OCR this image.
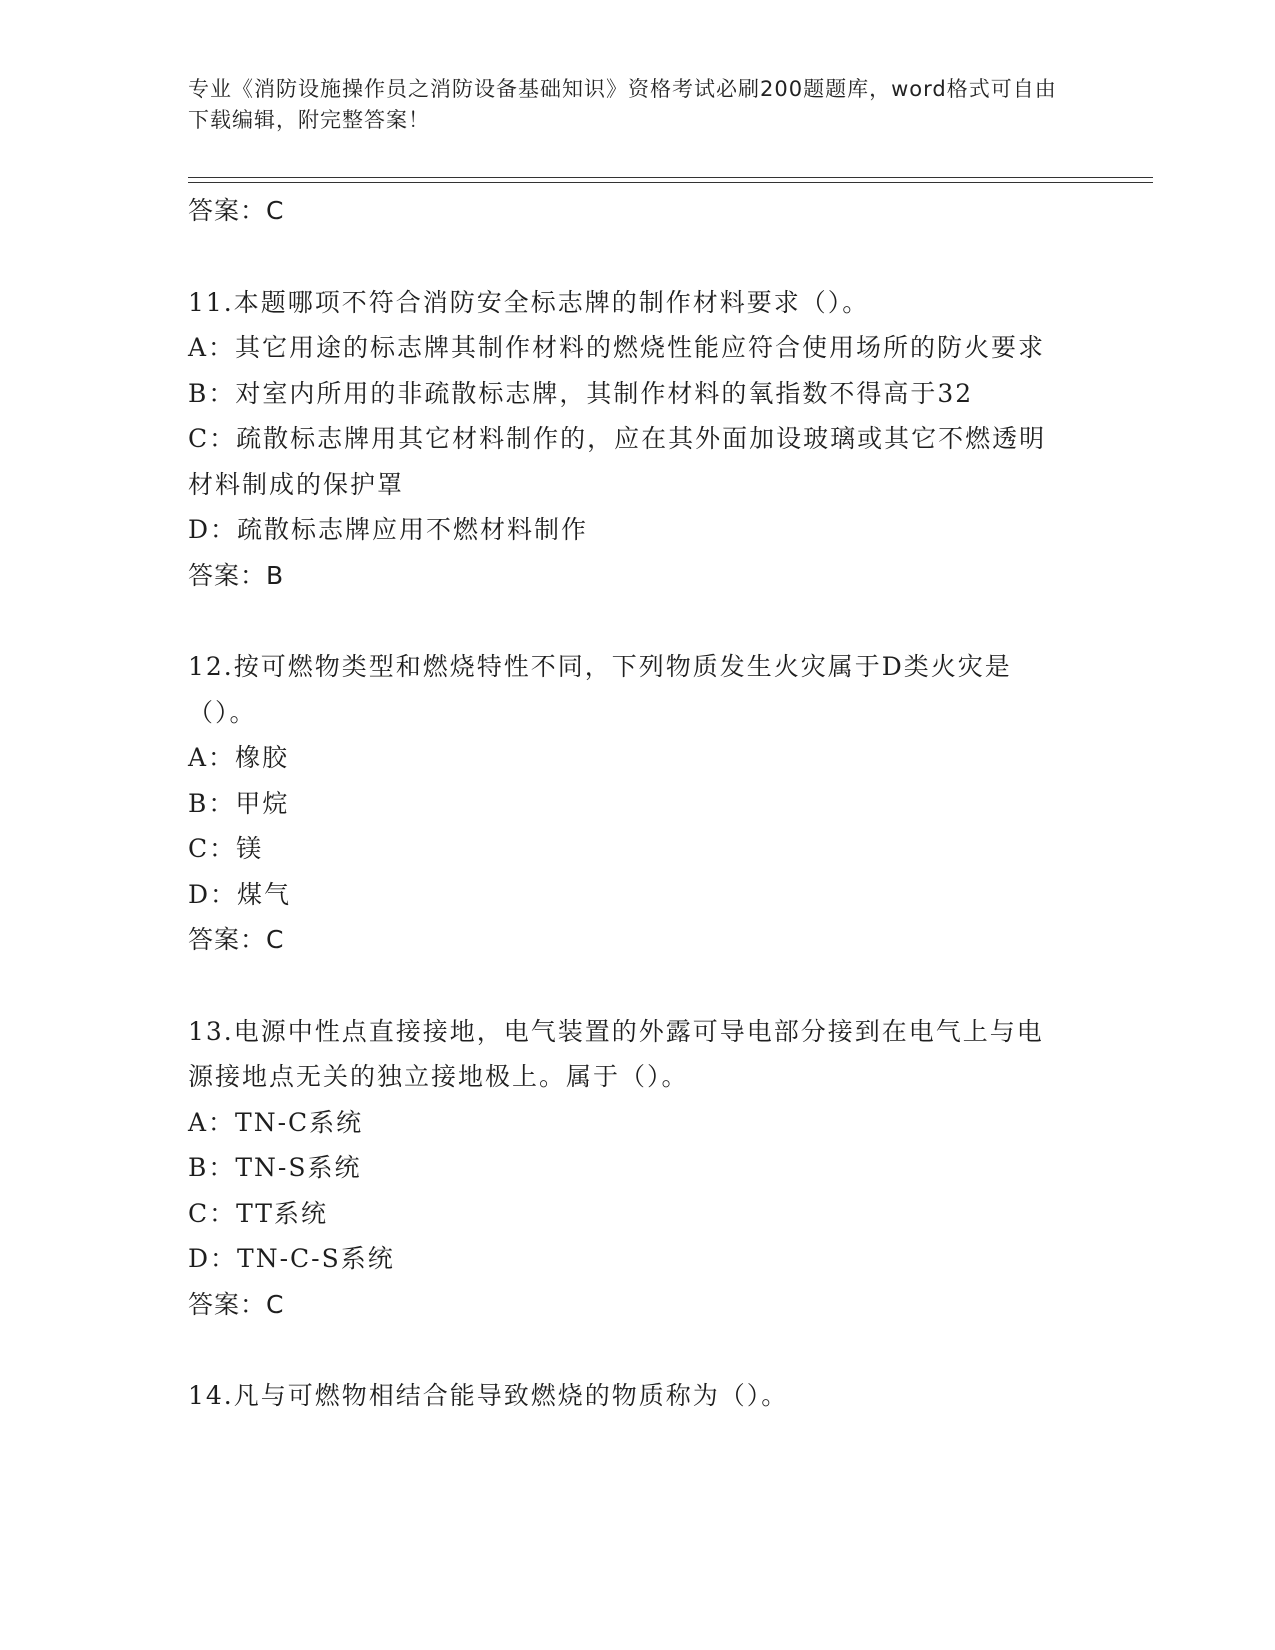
专业《消防设施操作员之消防设备基础知识》资格考试必刷200题题库，word格式可自由下载编辑，附完整答案！
答案：C
11.本题哪项不符合消防安全标志牌的制作材料要求（）。
A：其它用途的标志牌其制作材料的燃烧性能应符合使用场所的防火要求
B：对室内所用的非疏散标志牌，其制作材料的氧指数不得高于32
C：疏散标志牌用其它材料制作的，应在其外面加设玻璃或其它不燃透明材料制成的保护罩
D：疏散标志牌应用不燃材料制作
答案：B
12.按可燃物类型和燃烧特性不同，下列物质发生火灾属于D类火灾是（）。
A：橡胶
B：甲烷
C：镁
D：煤气
答案：C
13.电源中性点直接接地，电气装置的外露可导电部分接到在电气上与电源接地点无关的独立接地极上。属于（）。
A：TN-C系统
B：TN-S系统
C：TT系统
D：TN-C-S系统
答案：C
14.凡与可燃物相结合能导致燃烧的物质称为（）。
